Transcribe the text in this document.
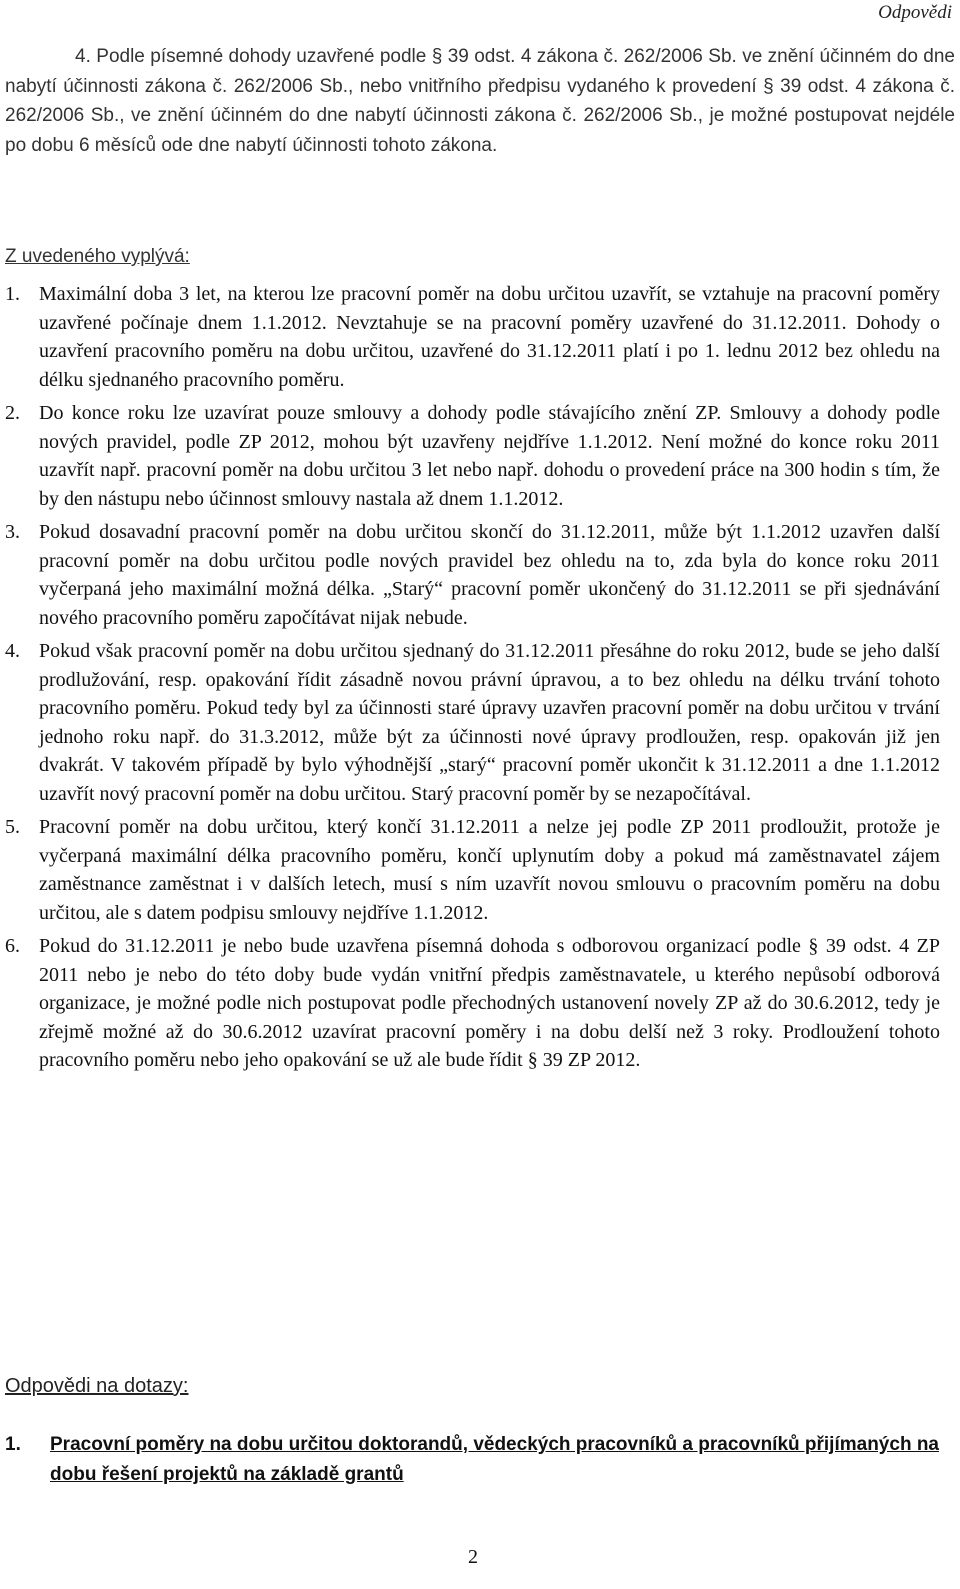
Odpovědi
4. Podle písemné dohody uzavřené podle § 39 odst. 4 zákona č. 262/2006 Sb. ve znění účinném do dne nabytí účinnosti zákona č. 262/2006 Sb., nebo vnitřního předpisu vydaného k provedení § 39 odst. 4 zákona č. 262/2006 Sb., ve znění účinném do dne nabytí účinnosti zákona č. 262/2006 Sb., je možné postupovat nejdéle po dobu 6 měsíců ode dne nabytí účinnosti tohoto zákona.
Z uvedeného vyplývá:
1. Maximální doba 3 let, na kterou lze pracovní poměr na dobu určitou uzavřít, se vztahuje na pracovní poměry uzavřené počínaje dnem 1.1.2012. Nevztahuje se na pracovní poměry uzavřené do 31.12.2011. Dohody o uzavření pracovního poměru na dobu určitou, uzavřené do 31.12.2011 platí i po 1. lednu 2012 bez ohledu na délku sjednaného pracovního poměru.
2. Do konce roku lze uzavírat pouze smlouvy a dohody podle stávajícího znění ZP. Smlouvy a dohody podle nových pravidel, podle ZP 2012, mohou být uzavřeny nejdříve 1.1.2012. Není možné do konce roku 2011 uzavřít např. pracovní poměr na dobu určitou 3 let nebo např. dohodu o provedení práce na 300 hodin s tím, že by den nástupu nebo účinnost smlouvy nastala až dnem 1.1.2012.
3. Pokud dosavadní pracovní poměr na dobu určitou skončí do 31.12.2011, může být 1.1.2012 uzavřen další pracovní poměr na dobu určitou podle nových pravidel bez ohledu na to, zda byla do konce roku 2011 vyčerpaná jeho maximální možná délka. „Starý“ pracovní poměr ukončený do 31.12.2011 se při sjednávání nového pracovního poměru započítávat nijak nebude.
4. Pokud však pracovní poměr na dobu určitou sjednaný do 31.12.2011 přesáhne do roku 2012, bude se jeho další prodlužování, resp. opakování řídit zásadně novou právní úpravou, a to bez ohledu na délku trvání tohoto pracovního poměru. Pokud tedy byl za účinnosti staré úpravy uzavřen pracovní poměr na dobu určitou v trvání jednoho roku např. do 31.3.2012, může být za účinnosti nové úpravy prodloužen, resp. opakován již jen dvakrát. V takovém případě by bylo výhodnější „starý“ pracovní poměr ukončit k 31.12.2011 a dne 1.1.2012 uzavřít nový pracovní poměr na dobu určitou. Starý pracovní poměr by se nezapočítával.
5. Pracovní poměr na dobu určitou, který končí 31.12.2011 a nelze jej podle ZP 2011 prodloužit, protože je vyčerpaná maximální délka pracovního poměru, končí uplynutím doby a pokud má zaměstnavatel zájem zaměstnance zaměstnat i v dalších letech, musí s ním uzavřít novou smlouvu o pracovním poměru na dobu určitou, ale s datem podpisu smlouvy nejdříve 1.1.2012.
6. Pokud do 31.12.2011 je nebo bude uzavřena písemná dohoda s odborovou organizací podle § 39 odst. 4 ZP 2011 nebo je nebo do této doby bude vydán vnitřní předpis zaměstnavatele, u kterého nepůsobí odborová organizace, je možné podle nich postupovat podle přechodných ustanovení novely ZP až do 30.6.2012, tedy je zřejmě možné až do 30.6.2012 uzavírat pracovní poměry i na dobu delší než 3 roky. Prodloužení tohoto pracovního poměru nebo jeho opakování se už ale bude řídit § 39 ZP 2012.
Odpovědi na dotazy:
1.	Pracovní poměry na dobu určitou doktorandů, vědeckých pracovníků a pracovníků přijímaných na dobu řešení projektů na základě grantů
2
